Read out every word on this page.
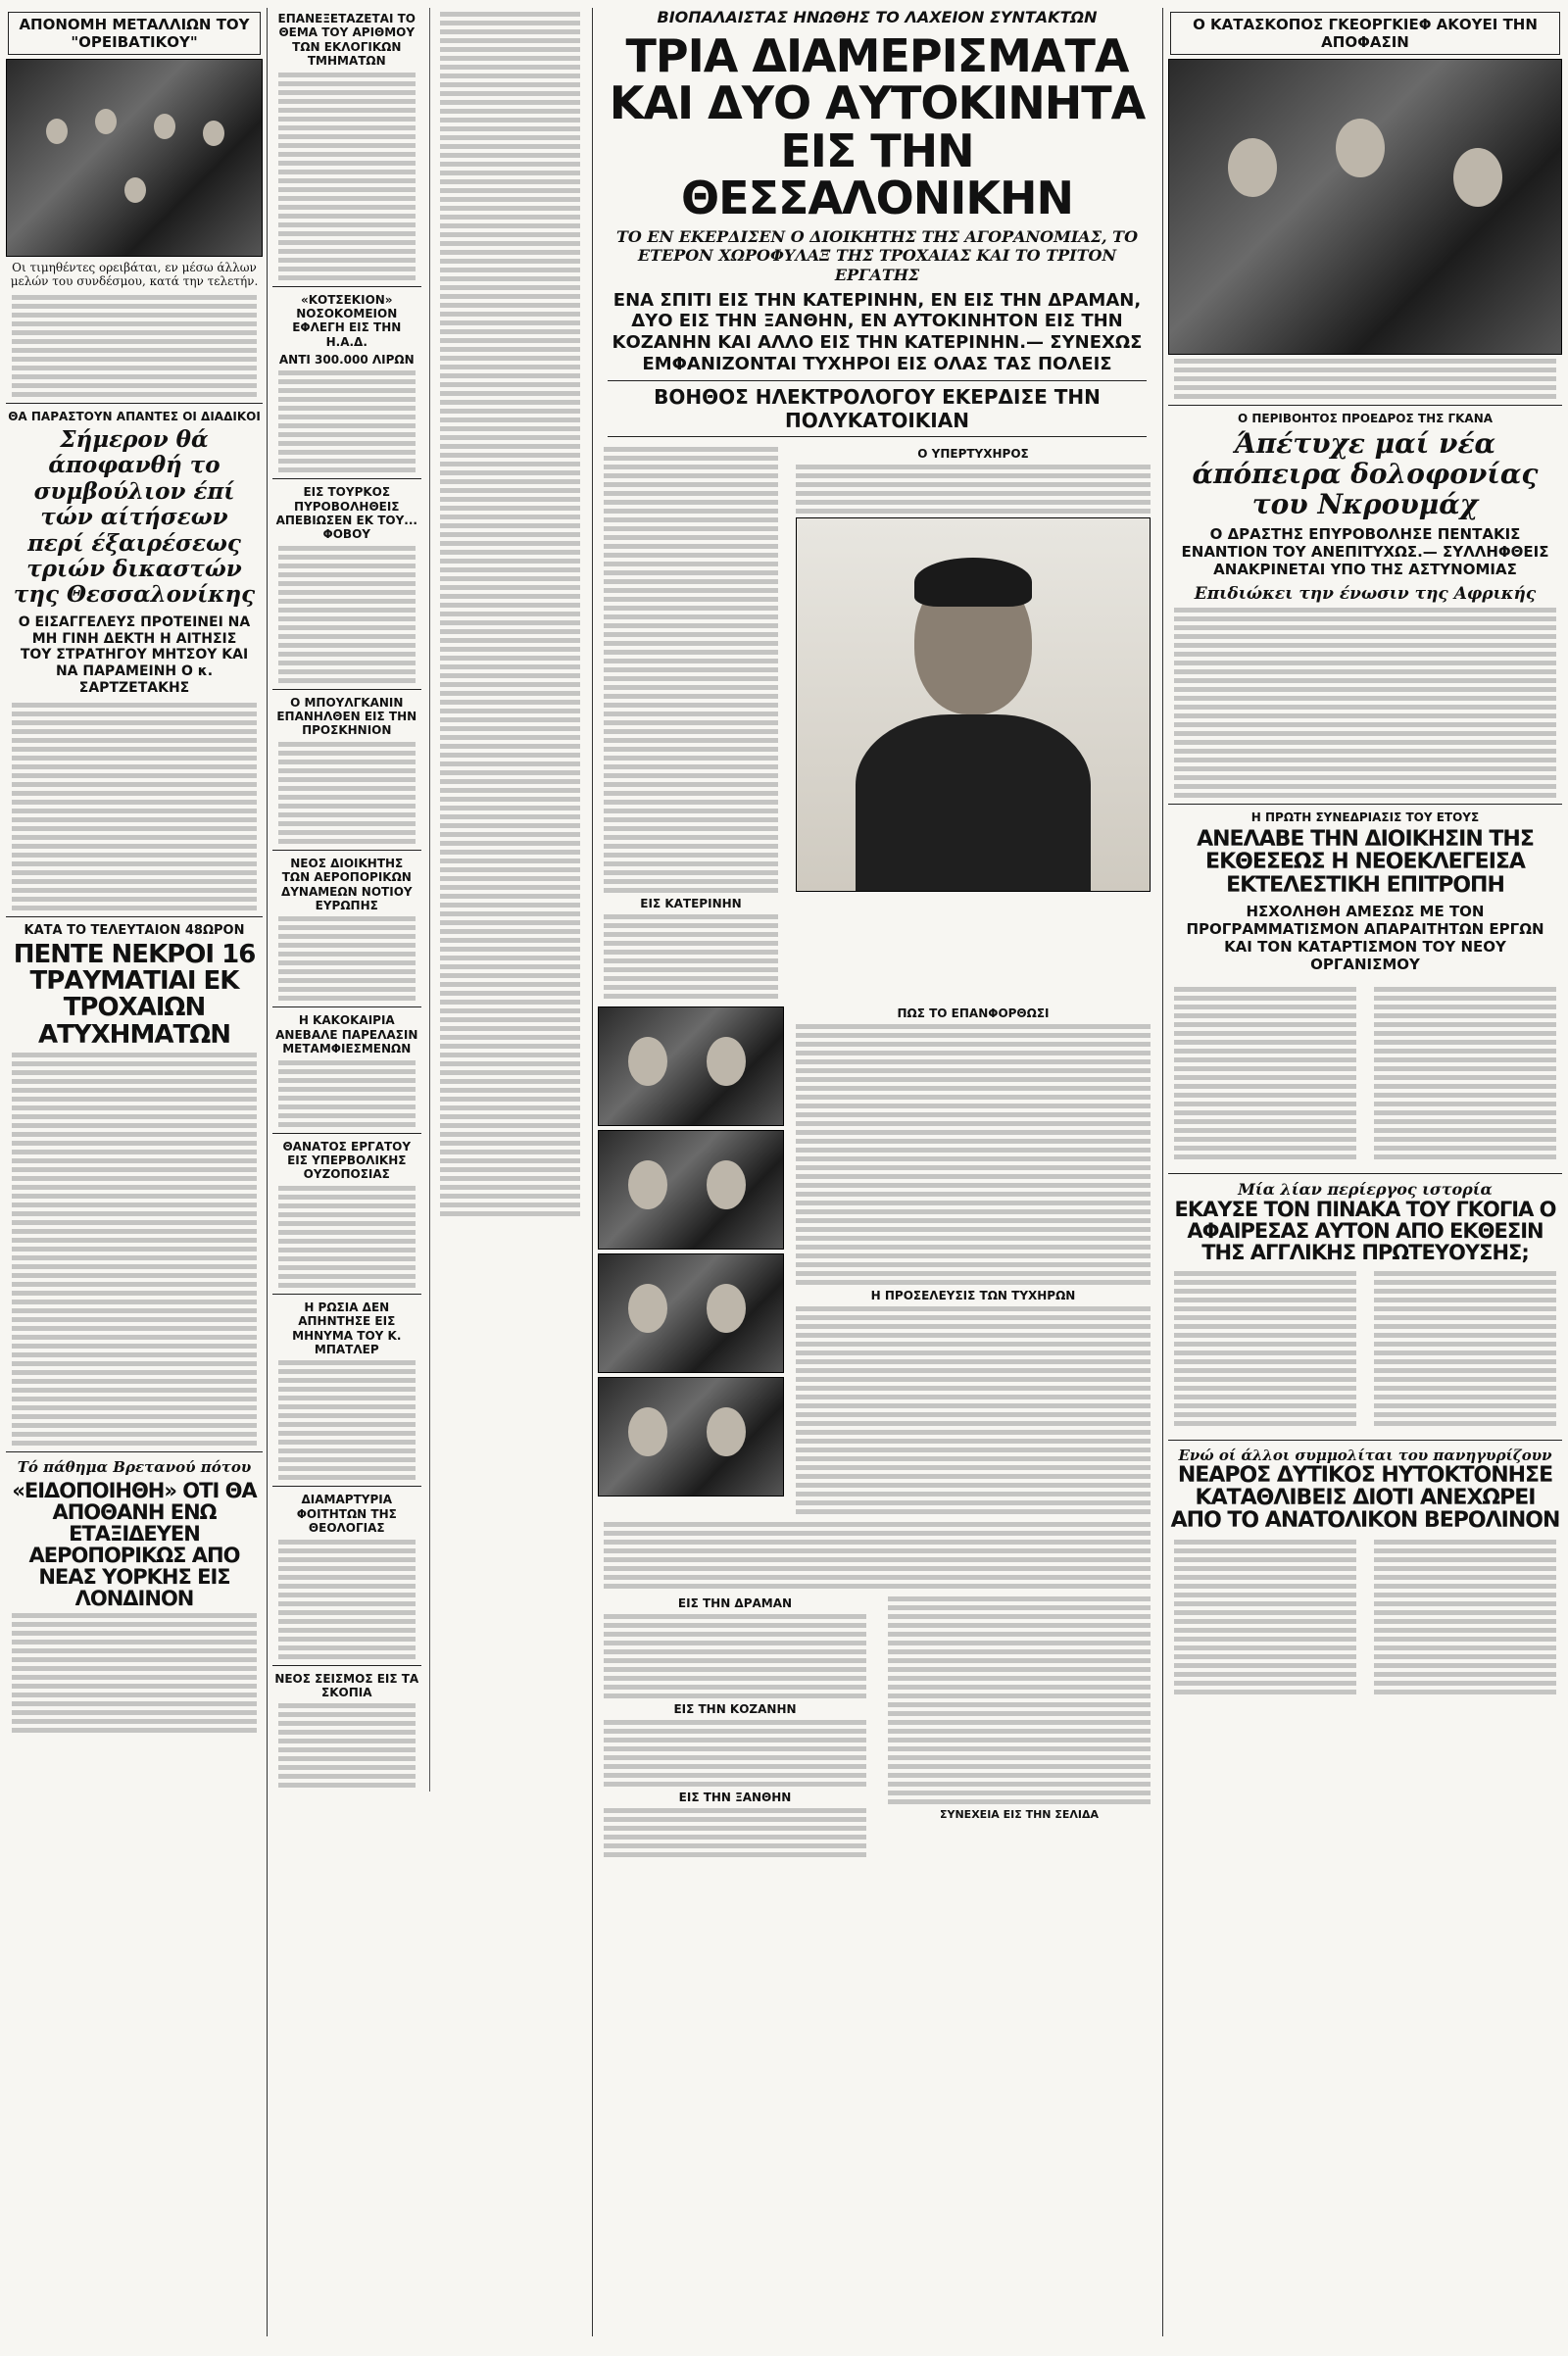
ΑΠΟΝΟΜΗ ΜΕΤΑΛΛΙΩΝ ΤΟΥ "ΟΡΕΙΒΑΤΙΚΟΥ"
Οι τιμηθέντες ορειβάται, εν μέσω άλλων μελών του συνδέσμου, κατά την τελετήν.
ΘΑ ΠΑΡΑΣΤΟΥΝ ΑΠΑΝΤΕΣ ΟΙ ΔΙΑΔΙΚΟΙ
Σήμερον θά άποφανθή το συμβούλιον έπί τών αίτήσεων περί έξαιρέσεως τριών δικαστών της Θεσσαλονίκης
Ο ΕΙΣΑΓΓΕΛΕΥΣ ΠΡΟΤΕΙΝΕΙ ΝΑ ΜΗ ΓΙΝΗ ΔΕΚΤΗ Η ΑΙΤΗΣΙΣ ΤΟΥ ΣΤΡΑΤΗΓΟΥ ΜΗΤΣΟΥ ΚΑΙ ΝΑ ΠΑΡΑΜΕΙΝΗ Ο κ. ΣΑΡΤΖΕΤΑΚΗΣ
ΚΑΤΑ ΤΟ ΤΕΛΕΥΤΑΙΟΝ 48ΩΡΟΝ
ΠΕΝΤΕ ΝΕΚΡΟΙ 16 ΤΡΑΥΜΑΤΙΑΙ ΕΚ ΤΡΟΧΑΙΩΝ ΑΤΥΧΗΜΑΤΩΝ
Τό πάθημα Βρετανού πότου
«ΕΙΔΟΠΟΙΗΘΗ» ΟΤΙ ΘΑ ΑΠΟΘΑΝΗ ΕΝΩ ΕΤΑΞΙΔΕΥΕΝ ΑΕΡΟΠΟΡΙΚΩΣ ΑΠΟ ΝΕΑΣ ΥΟΡΚΗΣ ΕΙΣ ΛΟΝΔΙΝΟΝ
ΕΠΑΝΕΞΕΤΑΖΕΤΑΙ ΤΟ ΘΕΜΑ ΤΟΥ ΑΡΙΘΜΟΥ ΤΩΝ ΕΚΛΟΓΙΚΩΝ ΤΜΗΜΑΤΩΝ
«ΚΟΤΣΕΚΙΟΝ» ΝΟΣΟΚΟΜΕΙΟΝ ΕΦΛΕΓΗ ΕΙΣ ΤΗΝ Η.Α.Δ.
ΑΝΤΙ 300.000 ΛΙΡΩΝ
ΕΙΣ ΤΟΥΡΚΟΣ ΠΥΡΟΒΟΛΗΘΕΙΣ ΑΠΕΒΙΩΣΕΝ ΕΚ ΤΟΥ... ΦΟΒΟΥ
Ο ΜΠΟΥΛΓΚΑΝΙΝ ΕΠΑΝΗΛΘΕΝ ΕΙΣ ΤΗΝ ΠΡΟΣΚΗΝΙΟΝ
ΝΕΟΣ ΔΙΟΙΚΗΤΗΣ ΤΩΝ ΑΕΡΟΠΟΡΙΚΩΝ ΔΥΝΑΜΕΩΝ ΝΟΤΙΟΥ ΕΥΡΩΠΗΣ
Η ΚΑΚΟΚΑΙΡΙΑ ΑΝΕΒΑΛΕ ΠΑΡΕΛΑΣΙΝ ΜΕΤΑΜΦΙΕΣΜΕΝΩΝ
ΘΑΝΑΤΟΣ ΕΡΓΑΤΟΥ ΕΙΣ ΥΠΕΡΒΟΛΙΚΗΣ ΟΥΖΟΠΟΣΙΑΣ
Η ΡΩΣΙΑ ΔΕΝ ΑΠΗΝΤΗΣΕ ΕΙΣ ΜΗΝΥΜΑ ΤΟΥ Κ. ΜΠΑΤΛΕΡ
ΔΙΑΜΑΡΤΥΡΙΑ ΦΟΙΤΗΤΩΝ ΤΗΣ ΘΕΟΛΟΓΙΑΣ
ΝΕΟΣ ΣΕΙΣΜΟΣ ΕΙΣ ΤΑ ΣΚΟΠΙΑ
ΒΙΟΠΑΛΑΙΣΤΑΣ ΗΝΩΘΗΣ ΤΟ ΛΑΧΕΙΟΝ ΣΥΝΤΑΚΤΩΝ
ΤΡΙΑ ΔΙΑΜΕΡΙΣΜΑΤΑ ΚΑΙ ΔΥΟ ΑΥΤΟΚΙΝΗΤΑ ΕΙΣ ΤΗΝ ΘΕΣΣΑΛΟΝΙΚΗΝ
ΤΟ ΕΝ ΕΚΕΡΔΙΣΕΝ Ο ΔΙΟΙΚΗΤΗΣ ΤΗΣ ΑΓΟΡΑΝΟΜΙΑΣ, ΤΟ ΕΤΕΡΟΝ ΧΩΡΟΦΥΛΑΞ ΤΗΣ ΤΡΟΧΑΙΑΣ ΚΑΙ ΤΟ ΤΡΙΤΟΝ ΕΡΓΑΤΗΣ
ΕΝΑ ΣΠΙΤΙ ΕΙΣ ΤΗΝ ΚΑΤΕΡΙΝΗΝ, ΕΝ ΕΙΣ ΤΗΝ ΔΡΑΜΑΝ, ΔΥΟ ΕΙΣ ΤΗΝ ΞΑΝΘΗΝ, ΕΝ ΑΥΤΟΚΙΝΗΤΟΝ ΕΙΣ ΤΗΝ ΚΟΖΑΝΗΝ ΚΑΙ ΑΛΛΟ ΕΙΣ ΤΗΝ ΚΑΤΕΡΙΝΗΝ.— ΣΥΝΕΧΩΣ ΕΜΦΑΝΙΖΟΝΤΑΙ ΤΥΧΗΡΟΙ ΕΙΣ ΟΛΑΣ ΤΑΣ ΠΟΛΕΙΣ
ΒΟΗΘΟΣ ΗΛΕΚΤΡΟΛΟΓΟΥ ΕΚΕΡΔΙΣΕ ΤΗΝ ΠΟΛΥΚΑΤΟΙΚΙΑΝ
ΕΙΣ ΚΑΤΕΡΙΝΗΝ
Ο ΥΠΕΡΤΥΧΗΡΟΣ
ΠΩΣ ΤΟ ΕΠΑΝΦΟΡΘΩΣΙ
Η ΠΡΟΣΕΛΕΥΣΙΣ ΤΩΝ ΤΥΧΗΡΩΝ
ΕΙΣ ΤΗΝ ΔΡΑΜΑΝ
ΕΙΣ ΤΗΝ ΚΟΖΑΝΗΝ
ΕΙΣ ΤΗΝ ΞΑΝΘΗΝ
ΣΥΝΕΧΕΙΑ ΕΙΣ ΤΗΝ ΣΕΛΙΔΑ
Ο ΚΑΤΑΣΚΟΠΟΣ ΓΚΕΟΡΓΚΙΕΦ ΑΚΟΥΕΙ ΤΗΝ ΑΠΟΦΑΣΙΝ
Ο ΠΕΡΙΒΟΗΤΟΣ ΠΡΟΕΔΡΟΣ ΤΗΣ ΓΚΑΝΑ
Άπέτυχε μαί νέα άπόπειρα δολοφονίας του Νκρουμάχ
Ο ΔΡΑΣΤΗΣ ΕΠΥΡΟΒΟΛΗΣΕ ΠΕΝΤΑΚΙΣ ΕΝΑΝΤΙΟΝ ΤΟΥ ΑΝΕΠΙΤΥΧΩΣ.— ΣΥΛΛΗΦΘΕΙΣ ΑΝΑΚΡΙΝΕΤΑΙ ΥΠΟ ΤΗΣ ΑΣΤΥΝΟΜΙΑΣ
Επιδιώκει την ένωσιν της Αφρικής
Η ΠΡΩΤΗ ΣΥΝΕΔΡΙΑΣΙΣ ΤΟΥ ΕΤΟΥΣ
ΑΝΕΛΑΒΕ ΤΗΝ ΔΙΟΙΚΗΣΙΝ ΤΗΣ ΕΚΘΕΣΕΩΣ Η ΝΕΟΕΚΛΕΓΕΙΣΑ ΕΚΤΕΛΕΣΤΙΚΗ ΕΠΙΤΡΟΠΗ
ΗΣΧΟΛΗΘΗ ΑΜΕΣΩΣ ΜΕ ΤΟΝ ΠΡΟΓΡΑΜΜΑΤΙΣΜΟΝ ΑΠΑΡΑΙΤΗΤΩΝ ΕΡΓΩΝ ΚΑΙ ΤΟΝ ΚΑΤΑΡΤΙΣΜΟΝ ΤΟΥ ΝΕΟΥ ΟΡΓΑΝΙΣΜΟΥ
Μία λίαν περίεργος ιστορία
ΕΚΑΥΣΕ ΤΟΝ ΠΙΝΑΚΑ ΤΟΥ ΓΚΟΓΙΑ Ο ΑΦΑΙΡΕΣΑΣ ΑΥΤΟΝ ΑΠΟ ΕΚΘΕΣΙΝ ΤΗΣ ΑΓΓΛΙΚΗΣ ΠΡΩΤΕΥΟΥΣΗΣ;
Ενώ οί άλλοι συμμολίται του πανηγυρίζουν
ΝΕΑΡΟΣ ΔΥΤΙΚΟΣ ΗΥΤΟΚΤΟΝΗΣΕ ΚΑΤΑΘΛΙΒΕΙΣ ΔΙΟΤΙ ΑΝΕΧΩΡΕΙ ΑΠΟ ΤΟ ΑΝΑΤΟΛΙΚΟΝ ΒΕΡΟΛΙΝΟΝ
